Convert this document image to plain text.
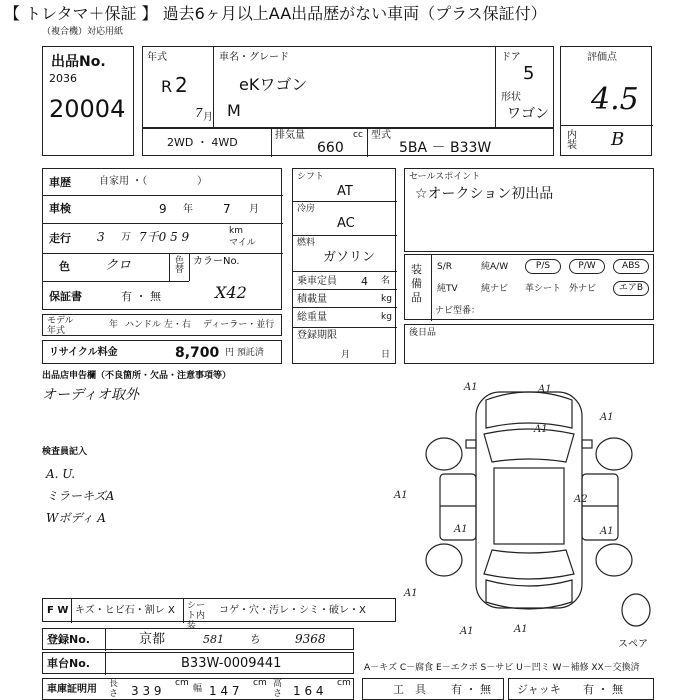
【 トレタマ＋保証 】 過去6ヶ月以上AA出品歴がない車両（プラス保証付）
（複合機）対応用紙
出品No.
2036
20004
年式
R 2
7 月
車名・グレード
eKワゴン
M
ドア
5
形状
ワゴン
評価点
4.5
内装 B
2WD ・ 4WD
排気量	cc
660
型式
5BA － B33W
車歴	自家用 ・（　　　　　）
車検	9 年	7 月
走行 3 万 7千0 5 9	km
マイル
色	クロ	色替
カラーNo.
保証書	有 ・ 無	X42
モデル年式
年 ハンドル 左・右 ディーラー・並行
リサイクル料金	8,700 円 預託済
シフト
AT
冷房
AC
燃料
ガソリン
乗車定員 4 名
積載量	kg
総重量	kg
登録期限
月	日
セールスポイント
☆オークション初出品
装備品
ナビ型番：
S/R	純A/W	P/S	P/W	ABS
純TV	純ナビ 革シート 外ナビ	エアB
後日品
出品店申告欄（不良箇所・欠品・注意事項等）
オーディオ取外
検査員記入
A. U.
ミラーキズA
Wボディ A
A1	A1
A1
A1
A1	A2
A1	A1
A1
A1
A1
スペア
F W キズ・ヒビ石・割レ X シート内装
コゲ・穴・汚レ・シミ・破レ・X
登録No.	京都	581 ち	9368
車台No.	B33W-0009441
車庫証明用 長さ 3 3 9
cm
幅 1 4 7
cm 高さ 1 6 4
cm
A－キズ C－腐食 E－エクボ S－サビ U－凹ミ W－補修 XX－交換済
工　具 有 ・ 無 ジャッキ 有 ・ 無
